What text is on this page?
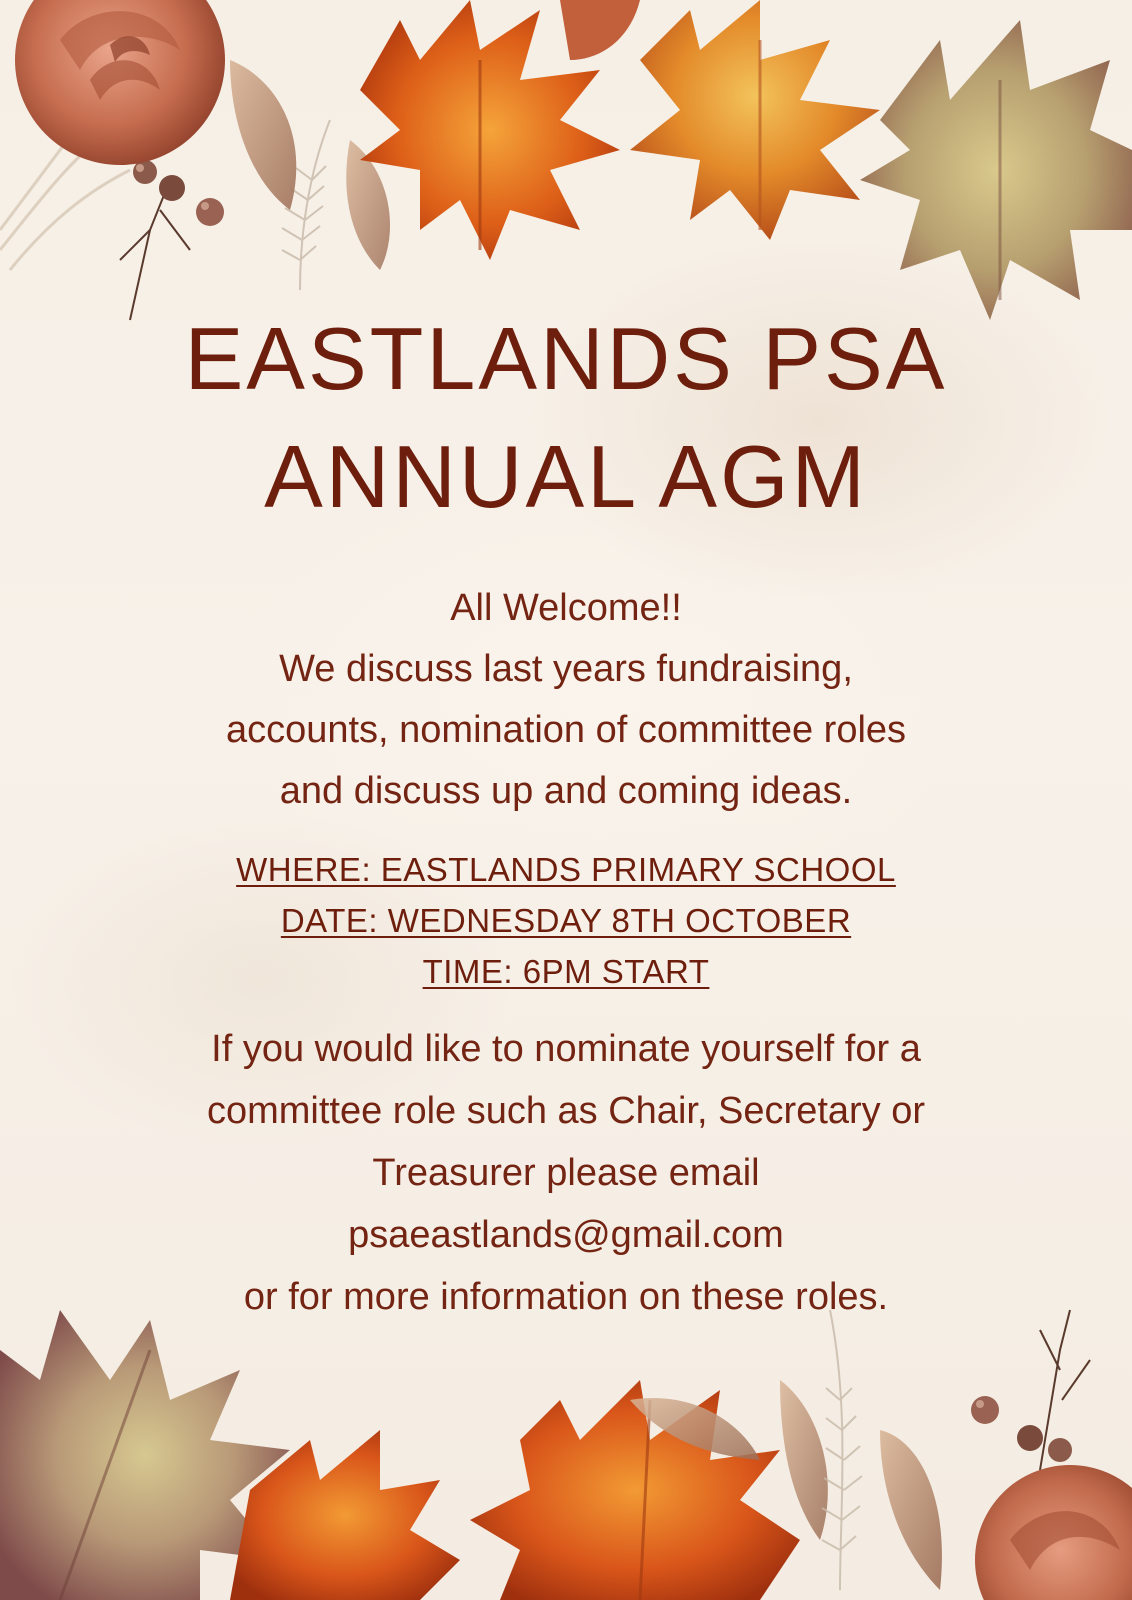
EASTLANDS PSA
ANNUAL AGM
All Welcome!!
We discuss last years fundraising,
accounts, nomination of committee roles
and discuss up and coming ideas.
WHERE: EASTLANDS PRIMARY SCHOOL
DATE: WEDNESDAY 8TH OCTOBER
TIME: 6PM START
If you would like to nominate yourself for a
committee role such as Chair, Secretary or
Treasurer please email
psaeastlands@gmail.com
or for more information on these roles.
